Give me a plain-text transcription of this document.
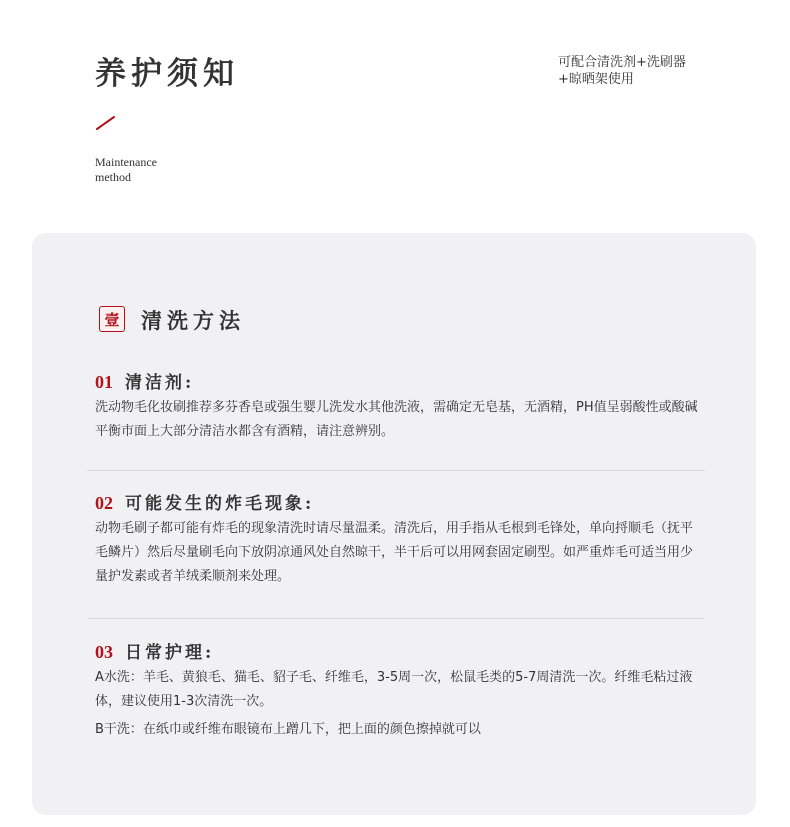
养护须知
Maintenance
method
可配合清洗剂+洗刷器
+晾晒架使用
壹 清洗方法
01 清洁剂:

洗动物毛化妆刷推荐多芬香皂或强生婴儿洗发水其他洗液，需确定无皂基，无酒精，PH值呈弱酸性或酸碱平衡市面上大部分清洁水都含有酒精，请注意辨别。

02 可能发生的炸毛现象:

动物毛刷子都可能有炸毛的现象清洗时请尽量温柔。清洗后，用手指从毛根到毛锋处，单向捋顺毛（抚平毛鳞片）然后尽量刷毛向下放阴凉通风处自然晾干，半干后可以用网套固定刷型。如严重炸毛可适当用少量护发素或者羊绒柔顺剂来处理。

03 日常护理:

A水洗：羊毛、黄狼毛、猫毛、貂子毛、纤维毛，3-5周一次，松鼠毛类的5-7周清洗一次。纤维毛粘过液体，建议使用1-3次清洗一次。

B干洗：在纸巾或纤维布眼镜布上蹭几下，把上面的颜色擦掉就可以
